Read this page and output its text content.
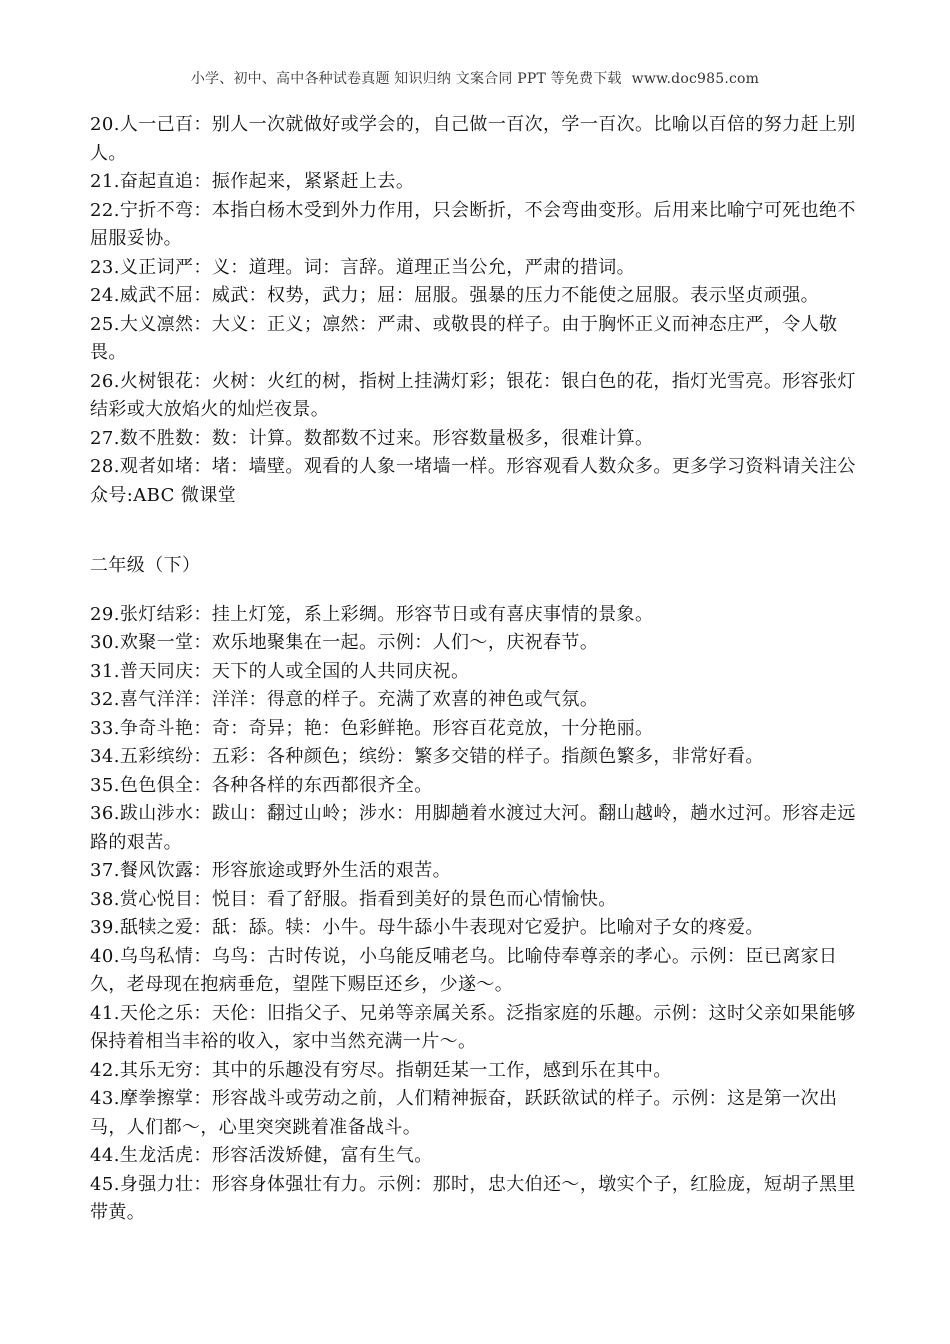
小学、初中、高中各种试卷真题 知识归纳 文案合同 PPT 等免费下载 www.doc985.com

20.人一己百：别人一次就做好或学会的，自己做一百次，学一百次。比喻以百倍的努力赶上别人。

21.奋起直追：振作起来，紧紧赶上去。

22.宁折不弯：本指白杨木受到外力作用，只会断折，不会弯曲变形。后用来比喻宁可死也绝不屈服妥协。

23.义正词严：义：道理。词：言辞。道理正当公允，严肃的措词。

24.威武不屈：威武：权势，武力；屈：屈服。强暴的压力不能使之屈服。表示坚贞顽强。

25.大义凛然：大义：正义；凛然：严肃、或敬畏的样子。由于胸怀正义而神态庄严，令人敬畏。

26.火树银花：火树：火红的树，指树上挂满灯彩；银花：银白色的花，指灯光雪亮。形容张灯结彩或大放焰火的灿烂夜景。

27.数不胜数：数：计算。数都数不过来。形容数量极多，很难计算。

28.观者如堵：堵：墙壁。观看的人象一堵墙一样。形容观看人数众多。更多学习资料请关注公众号:ABC 微课堂

二年级（下）

29.张灯结彩：挂上灯笼，系上彩绸。形容节日或有喜庆事情的景象。

30.欢聚一堂：欢乐地聚集在一起。示例：人们～，庆祝春节。

31.普天同庆：天下的人或全国的人共同庆祝。

32.喜气洋洋：洋洋：得意的样子。充满了欢喜的神色或气氛。

33.争奇斗艳：奇：奇异；艳：色彩鲜艳。形容百花竞放，十分艳丽。

34.五彩缤纷：五彩：各种颜色；缤纷：繁多交错的样子。指颜色繁多，非常好看。

35.色色俱全：各种各样的东西都很齐全。

36.跋山涉水：跋山：翻过山岭；涉水：用脚趟着水渡过大河。翻山越岭，趟水过河。形容走远路的艰苦。

37.餐风饮露：形容旅途或野外生活的艰苦。

38.赏心悦目：悦目：看了舒服。指看到美好的景色而心情愉快。

39.舐犊之爱：舐：舔。犊：小牛。母牛舔小牛表现对它爱护。比喻对子女的疼爱。

40.乌鸟私情：乌鸟：古时传说，小乌能反哺老乌。比喻侍奉尊亲的孝心。示例：臣已离家日久，老母现在抱病垂危，望陛下赐臣还乡，少遂～。

41.天伦之乐：天伦：旧指父子、兄弟等亲属关系。泛指家庭的乐趣。示例：这时父亲如果能够保持着相当丰裕的收入，家中当然充满一片～。

42.其乐无穷：其中的乐趣没有穷尽。指朝廷某一工作，感到乐在其中。

43.摩拳擦掌：形容战斗或劳动之前，人们精神振奋，跃跃欲试的样子。示例：这是第一次出马，人们都～，心里突突跳着准备战斗。

44.生龙活虎：形容活泼矫健，富有生气。

45.身强力壮：形容身体强壮有力。示例：那时，忠大伯还～，墩实个子，红脸庞，短胡子黑里带黄。
